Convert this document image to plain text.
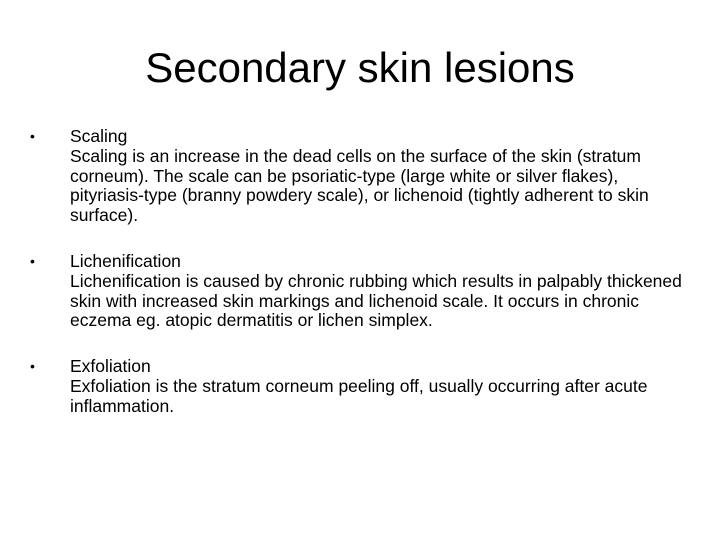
Secondary skin lesions
•	Scaling
Scaling is an increase in the dead cells on the surface of the skin (stratum corneum). The scale can be psoriatic-type (large white or silver flakes), pityriasis-type (branny powdery scale), or lichenoid (tightly adherent to skin surface).
•	Lichenification
Lichenification is caused by chronic rubbing which results in palpably thickened skin with increased skin markings and lichenoid scale. It occurs in chronic eczema eg. atopic dermatitis or lichen simplex.
•	Exfoliation
Exfoliation is the stratum corneum peeling off, usually occurring after acute inflammation.
